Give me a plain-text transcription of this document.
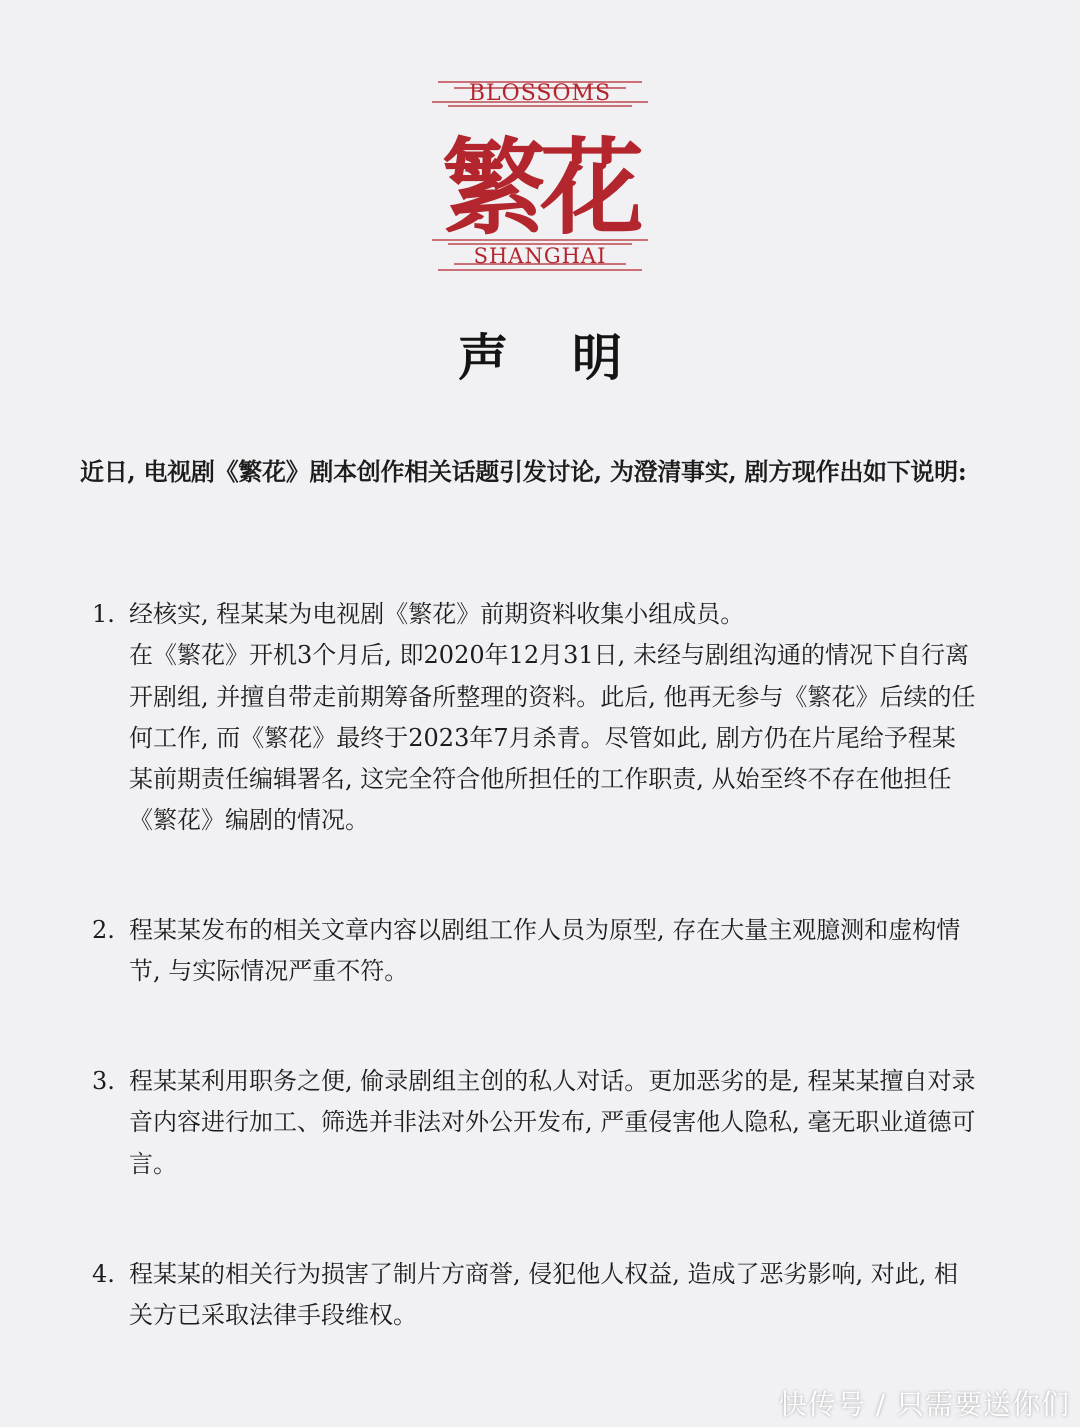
BLOSSOMS
繁花
SHANGHAI
声明
近日, 电视剧《繁花》剧本创作相关话题引发讨论, 为澄清事实, 剧方现作出如下说明:
1. 经核实, 程某某为电视剧《繁花》前期资料收集小组成员。

在《繁花》开机3个月后, 即2020年12月31日, 未经与剧组沟通的情况下自行离开剧组, 并擅自带走前期筹备所整理的资料。此后, 他再无参与《繁花》后续的任何工作, 而《繁花》最终于2023年7月杀青。尽管如此, 剧方仍在片尾给予程某某前期责任编辑署名, 这完全符合他所担任的工作职责, 从始至终不存在他担任《繁花》编剧的情况。

2. 程某某发布的相关文章内容以剧组工作人员为原型, 存在大量主观臆测和虚构情节, 与实际情况严重不符。

3. 程某某利用职务之便, 偷录剧组主创的私人对话。更加恶劣的是, 程某某擅自对录音内容进行加工、筛选并非法对外公开发布, 严重侵害他人隐私, 毫无职业道德可言。

4. 程某某的相关行为损害了制片方商誉, 侵犯他人权益, 造成了恶劣影响, 对此, 相关方已采取法律手段维权。

快传号 / 只需要送你们
